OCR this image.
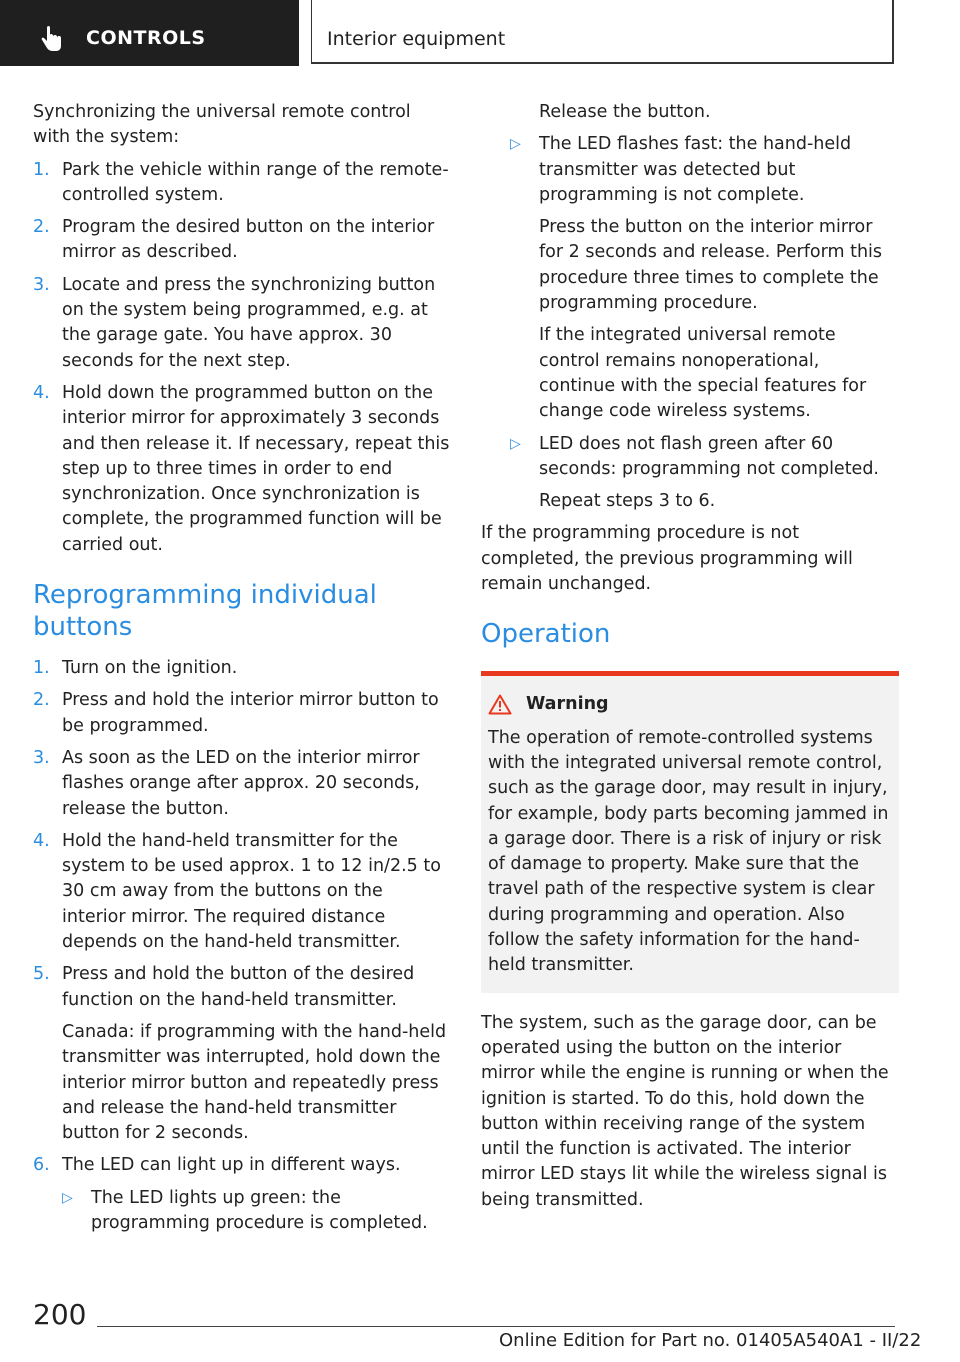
CONTROLS	Interior equipment

Synchronizing the universal remote control with the system:

1. Park the vehicle within range of the remote-controlled system.
2. Program the desired button on the interior mirror as described.
3. Locate and press the synchronizing button on the system being programmed, e.g. at the garage gate. You have approx. 30 seconds for the next step.
4. Hold down the programmed button on the interior mirror for approximately 3 seconds and then release it. If necessary, repeat this step up to three times in order to end synchronization. Once synchronization is complete, the programmed function will be carried out.
Reprogramming individual buttons
1. Turn on the ignition.
2. Press and hold the interior mirror button to be programmed.
3. As soon as the LED on the interior mirror flashes orange after approx. 20 seconds, release the button.
4. Hold the hand-held transmitter for the system to be used approx. 1 to 12 in/2.5 to 30 cm away from the buttons on the interior mirror. The required distance depends on the hand-held transmitter.
5. Press and hold the button of the desired function on the hand-held transmitter.

Canada: if programming with the hand-held transmitter was interrupted, hold down the interior mirror button and repeatedly press and release the hand-held transmitter button for 2 seconds.

6. The LED can light up in different ways.
▷ The LED lights up green: the programming procedure is completed.

Release the button.

▷ The LED flashes fast: the hand-held transmitter was detected but programming is not complete.

Press the button on the interior mirror for 2 seconds and release. Perform this procedure three times to complete the programming procedure.

If the integrated universal remote control remains nonoperational, continue with the special features for change code wireless systems.

▷ LED does not flash green after 60 seconds: programming not completed.

Repeat steps 3 to 6.

If the programming procedure is not completed, the previous programming will remain unchanged.

Operation
Warning
The operation of remote-controlled systems with the integrated universal remote control, such as the garage door, may result in injury, for example, body parts becoming jammed in a garage door. There is a risk of injury or risk of damage to property. Make sure that the travel path of the respective system is clear during programming and operation. Also follow the safety information for the hand-held transmitter.

The system, such as the garage door, can be operated using the button on the interior mirror while the engine is running or when the ignition is started. To do this, hold down the button within receiving range of the system until the function is activated. The interior mirror LED stays lit while the wireless signal is being transmitted.

200
Online Edition for Part no. 01405A540A1 - II/22
